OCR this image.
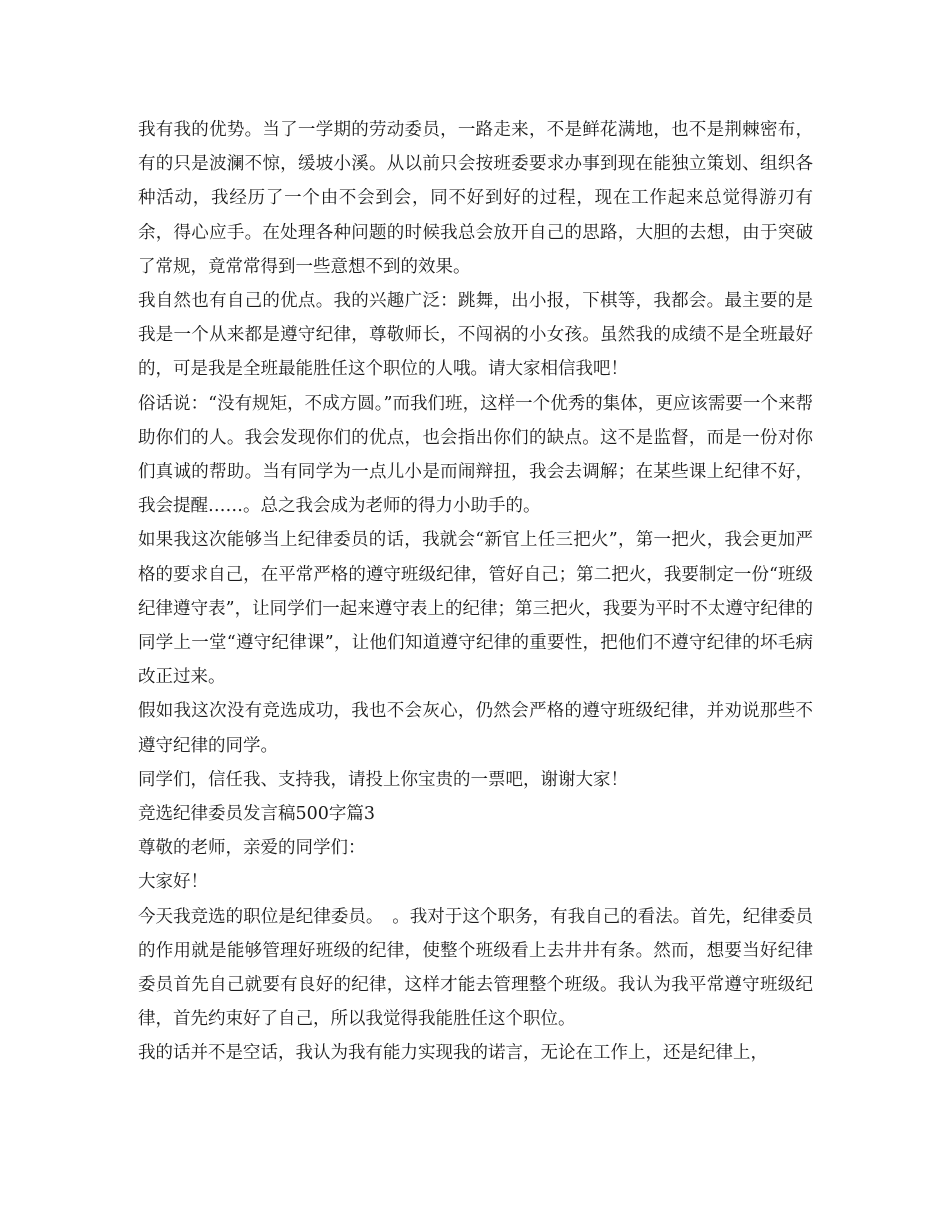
我有我的优势。当了一学期的劳动委员，一路走来，不是鲜花满地，也不是荆棘密布，有的只是波澜不惊，缓坡小溪。从以前只会按班委要求办事到现在能独立策划、组织各种活动，我经历了一个由不会到会，同不好到好的过程，现在工作起来总觉得游刃有余，得心应手。在处理各种问题的时候我总会放开自己的思路，大胆的去想，由于突破了常规，竟常常得到一些意想不到的效果。

我自然也有自己的优点。我的兴趣广泛：跳舞，出小报，下棋等，我都会。最主要的是我是一个从来都是遵守纪律，尊敬师长，不闯祸的小女孩。虽然我的成绩不是全班最好的，可是我是全班最能胜任这个职位的人哦。请大家相信我吧！

俗话说：“没有规矩，不成方圆。”而我们班，这样一个优秀的集体，更应该需要一个来帮助你们的人。我会发现你们的优点，也会指出你们的缺点。这不是监督，而是一份对你们真诚的帮助。当有同学为一点儿小是而闹辩扭，我会去调解；在某些课上纪律不好，我会提醒……。总之我会成为老师的得力小助手的。

如果我这次能够当上纪律委员的话，我就会“新官上任三把火”，第一把火，我会更加严格的要求自己，在平常严格的遵守班级纪律，管好自己；第二把火，我要制定一份“班级纪律遵守表”，让同学们一起来遵守表上的纪律；第三把火，我要为平时不太遵守纪律的同学上一堂“遵守纪律课”，让他们知道遵守纪律的重要性，把他们不遵守纪律的坏毛病改正过来。

假如我这次没有竞选成功，我也不会灰心，仍然会严格的遵守班级纪律，并劝说那些不遵守纪律的同学。

同学们，信任我、支持我，请投上你宝贵的一票吧，谢谢大家！

竞选纪律委员发言稿500字篇3

尊敬的老师，亲爱的同学们：

大家好！

今天我竞选的职位是纪律委员。　。我对于这个职务，有我自己的看法。首先，纪律委员的作用就是能够管理好班级的纪律，使整个班级看上去井井有条。然而，想要当好纪律委员首先自己就要有良好的纪律，这样才能去管理整个班级。我认为我平常遵守班级纪律，首先约束好了自己，所以我觉得我能胜任这个职位。

我的话并不是空话，我认为我有能力实现我的诺言，无论在工作上，还是纪律上，
